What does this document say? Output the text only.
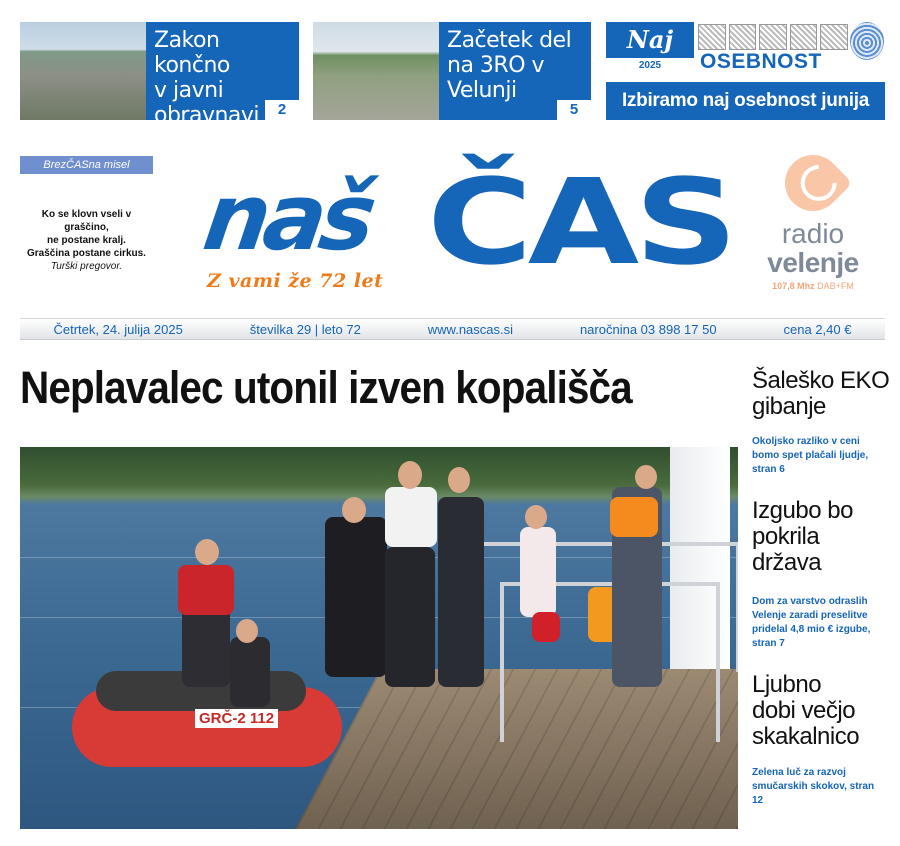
Zakon končno
v javni
obravnavi	2
Začetek del
na 3RO v
Velunji
5
Naj
2025	OSEBNOST
Izbiramo naj osebnost junija
BrezČASna misel
Ko se klovn vseli v graščino,
ne postane kralj.
Graščina postane cirkus.
Turški pregovor. naš ČAS
Z vami že 72 let
radio
velenje
107,8 Mhz DAB+FM
Četrtek, 24. julija 2025	številka 29 | leto 72	www.nascas.si	naročnina 03 898 17 50	cena 2,40 €
Neplavalec utonil izven kopališča
GRČ-2 112
Šaleško EKO
gibanje
Okoljsko razliko v ceni bomo spet plačali ljudje, stran 6
Izgubo bo
pokrila
država
Dom za varstvo odraslih Velenje zaradi preselitve pridelal 4,8 mio € izgube, stran 7
Ljubno
dobi večjo
skakalnico
Zelena luč za razvoj smučarskih skokov, stran 12
